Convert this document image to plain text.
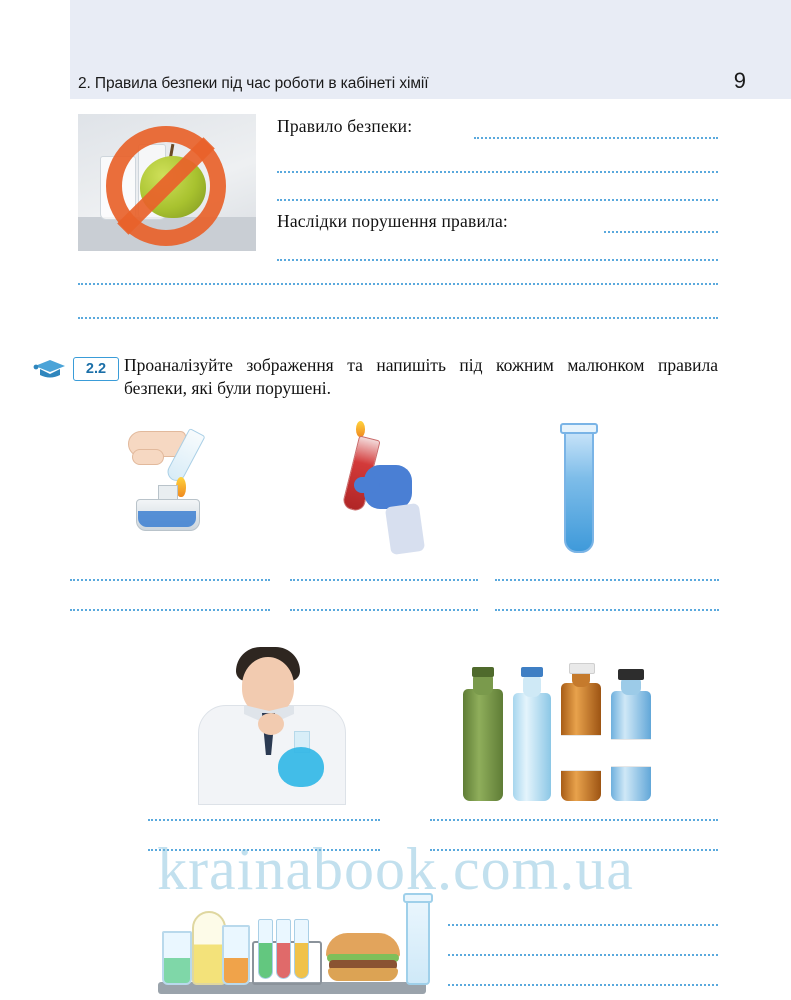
2. Правила безпеки під час роботи в кабінеті хімії	9
Правило безпеки:
Наслідки порушення правила:
2.2	Проаналізуйте зображення та напишіть під кожним малюнком правила безпеки, які були порушені.
krainabook.com.ua
